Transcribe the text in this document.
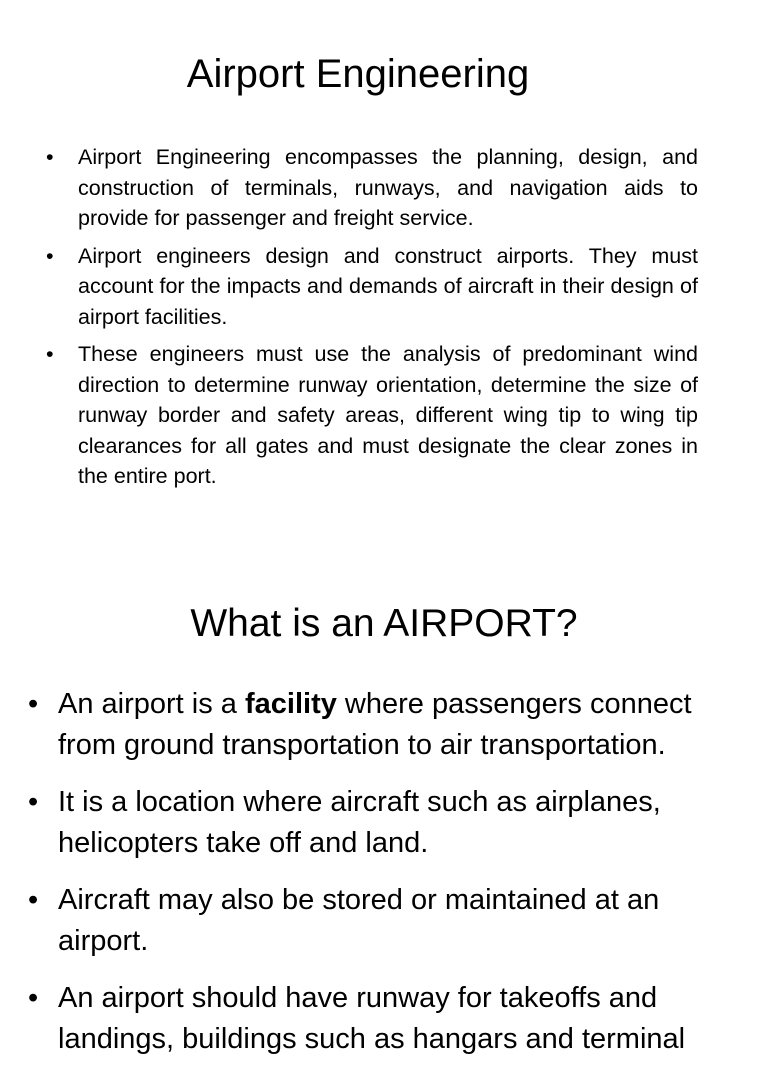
Airport Engineering
•	Airport Engineering encompasses the planning, design, and construction of terminals, runways, and navigation aids to provide for passenger and freight service.
•	Airport engineers design and construct airports. They must account for the impacts and demands of aircraft in their design of airport facilities.
•	These engineers must use the analysis of predominant wind direction to determine runway orientation, determine the size of runway border and safety areas, different wing tip to wing tip clearances for all gates and must designate the clear zones in the entire port.
What is an AIRPORT?
• An airport is a facility where passengers connect from ground transportation to air transportation.
• It is a location where aircraft such as airplanes, helicopters take off and land.
• Aircraft may also be stored or maintained at an airport.
• An airport should have runway for takeoffs and landings, buildings such as hangars and terminal
